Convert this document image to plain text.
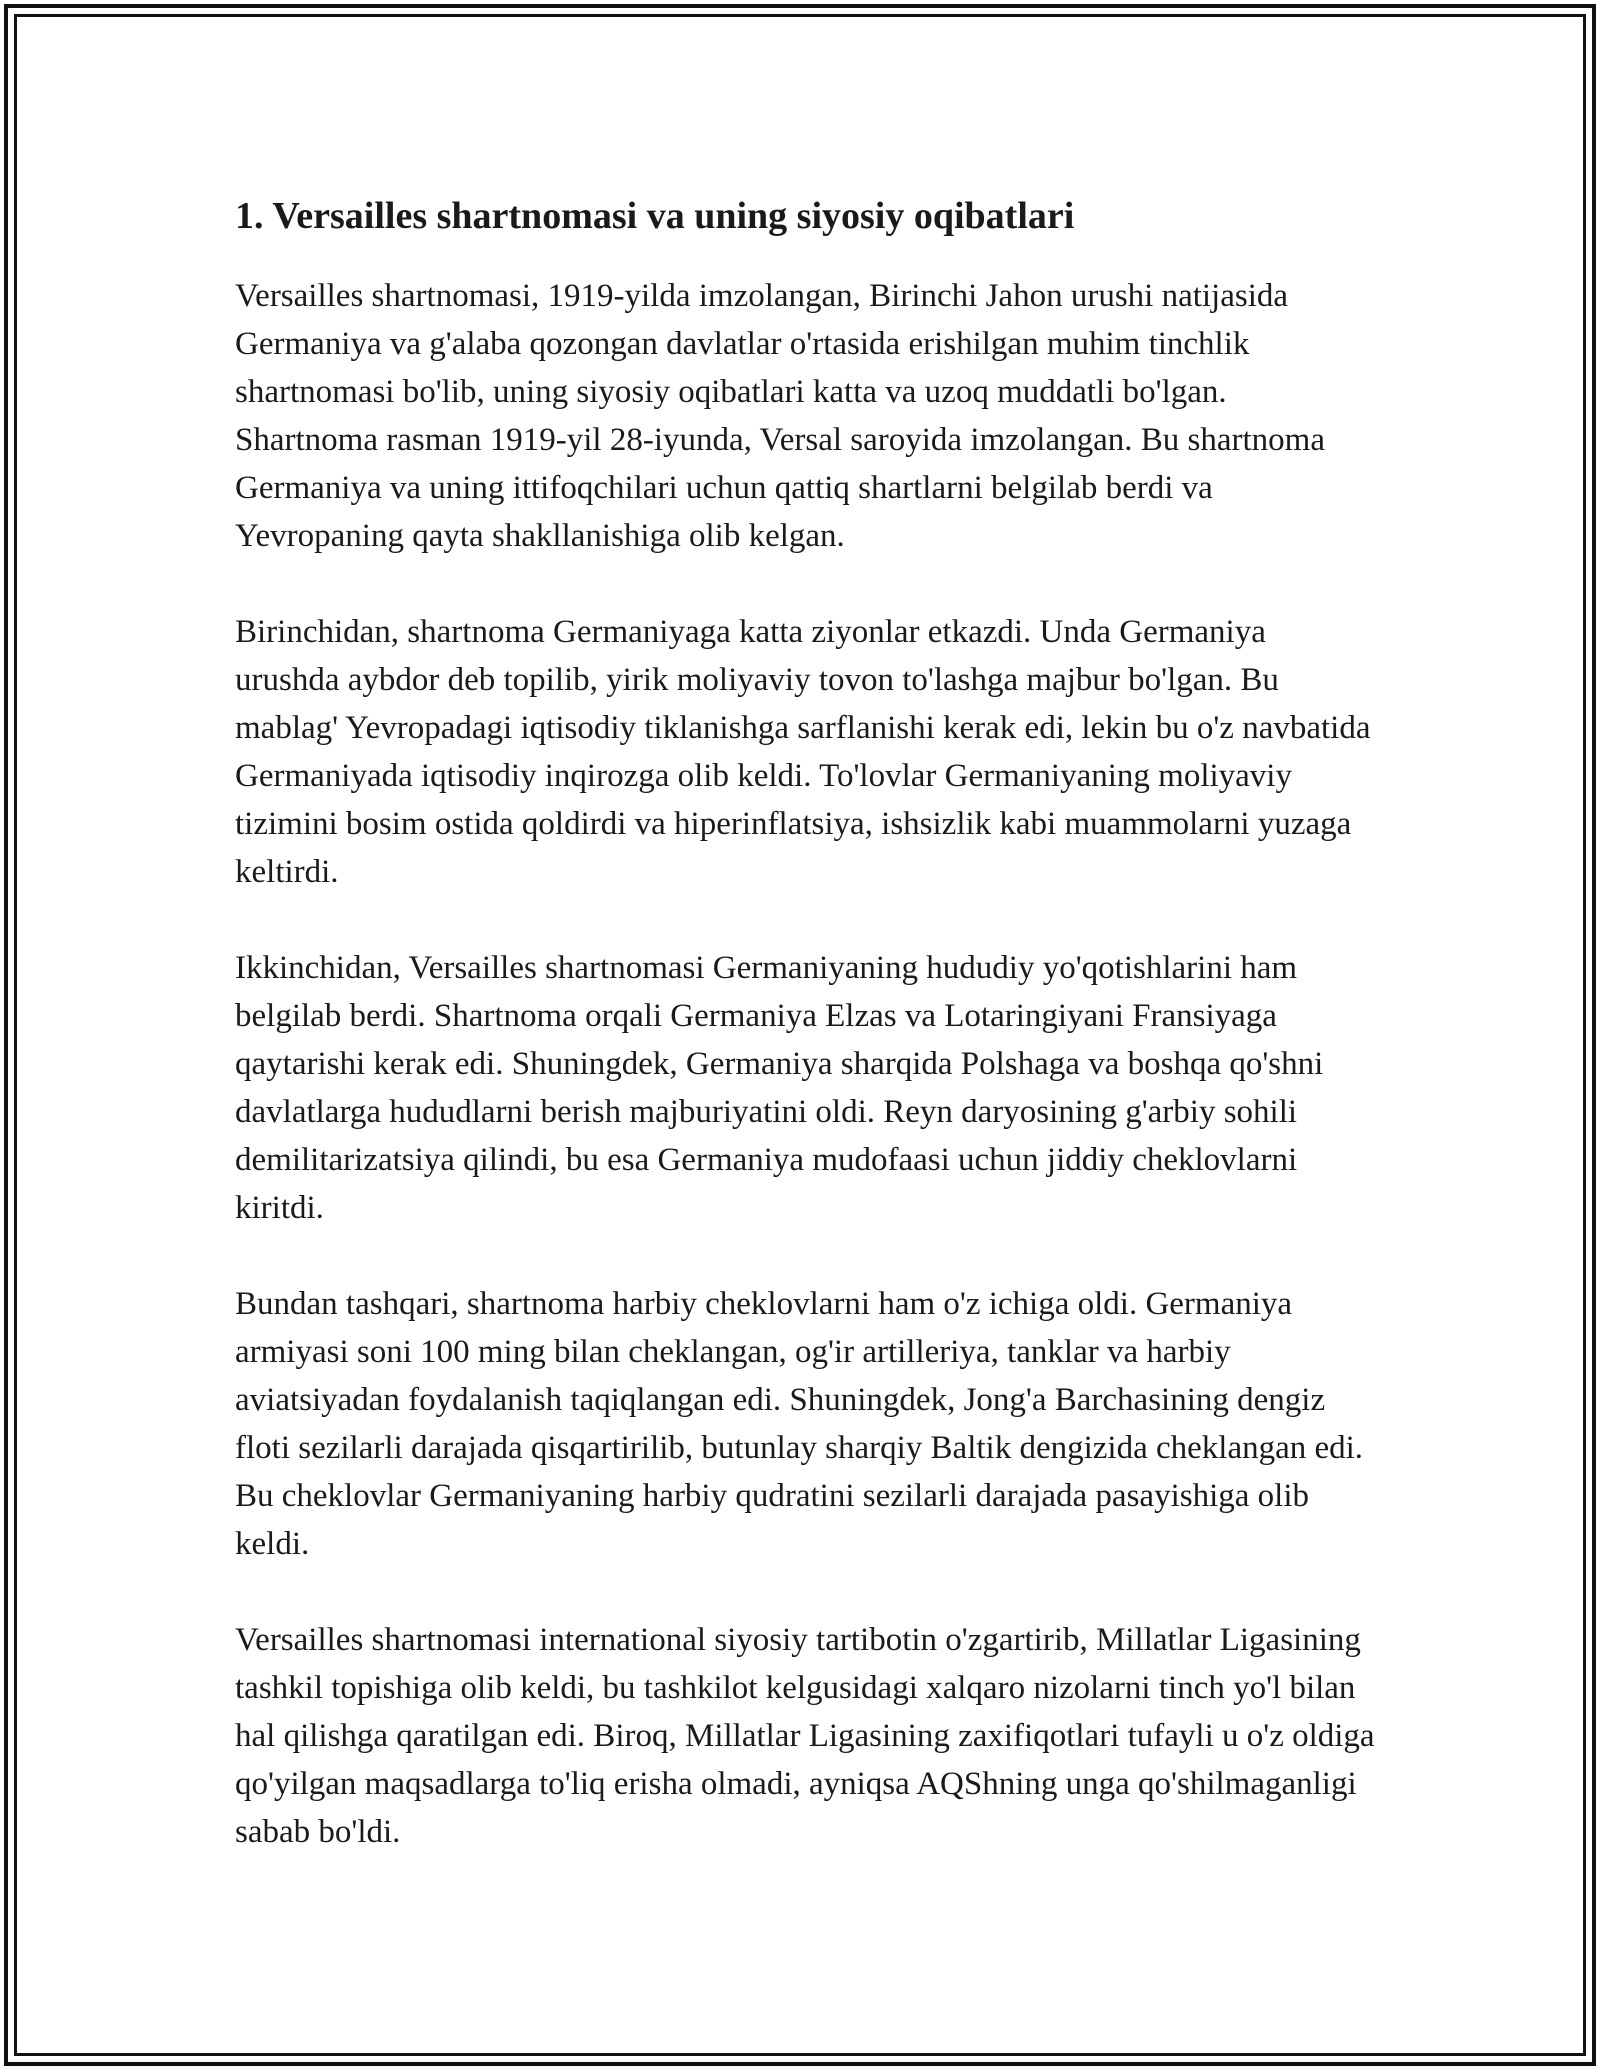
1. Versailles shartnomasi va uning siyosiy oqibatlari

Versailles shartnomasi, 1919-yilda imzolangan, Birinchi Jahon urushi natijasida Germaniya va g'alaba qozongan davlatlar o'rtasida erishilgan muhim tinchlik shartnomasi bo'lib, uning siyosiy oqibatlari katta va uzoq muddatli bo'lgan. Shartnoma rasman 1919-yil 28-iyunda, Versal saroyida imzolangan. Bu shartnoma Germaniya va uning ittifoqchilari uchun qattiq shartlarni belgilab berdi va Yevropaning qayta shakllanishiga olib kelgan.

Birinchidan, shartnoma Germaniyaga katta ziyonlar etkazdi. Unda Germaniya urushda aybdor deb topilib, yirik moliyaviy tovon to'lashga majbur bo'lgan. Bu mablag' Yevropadagi iqtisodiy tiklanishga sarflanishi kerak edi, lekin bu o'z navbatida Germaniyada iqtisodiy inqirozga olib keldi. To'lovlar Germaniyaning moliyaviy tizimini bosim ostida qoldirdi va hiperinflatsiya, ishsizlik kabi muammolarni yuzaga keltirdi.

Ikkinchidan, Versailles shartnomasi Germaniyaning hududiy yo'qotishlarini ham belgilab berdi. Shartnoma orqali Germaniya Elzas va Lotaringiyani Fransiyaga qaytarishi kerak edi. Shuningdek, Germaniya sharqida Polshaga va boshqa qo'shni davlatlarga hududlarni berish majburiyatini oldi. Reyn daryosining g'arbiy sohili demilitarizatsiya qilindi, bu esa Germaniya mudofaasi uchun jiddiy cheklovlarni kiritdi.

Bundan tashqari, shartnoma harbiy cheklovlarni ham o'z ichiga oldi. Germaniya armiyasi soni 100 ming bilan cheklangan, og'ir artilleriya, tanklar va harbiy aviatsiyadan foydalanish taqiqlangan edi. Shuningdek, Jong'a Barchasining dengiz floti sezilarli darajada qisqartirilib, butunlay sharqiy Baltik dengizida cheklangan edi. Bu cheklovlar Germaniyaning harbiy qudratini sezilarli darajada pasayishiga olib keldi.

Versailles shartnomasi international siyosiy tartibotin o'zgartirib, Millatlar Ligasining tashkil topishiga olib keldi, bu tashkilot kelgusidagi xalqaro nizolarni tinch yo'l bilan hal qilishga qaratilgan edi. Biroq, Millatlar Ligasining zaxifiqotlari tufayli u o'z oldiga qo'yilgan maqsadlarga to'liq erisha olmadi, ayniqsa AQShning unga qo'shilmaganligi sabab bo'ldi.
